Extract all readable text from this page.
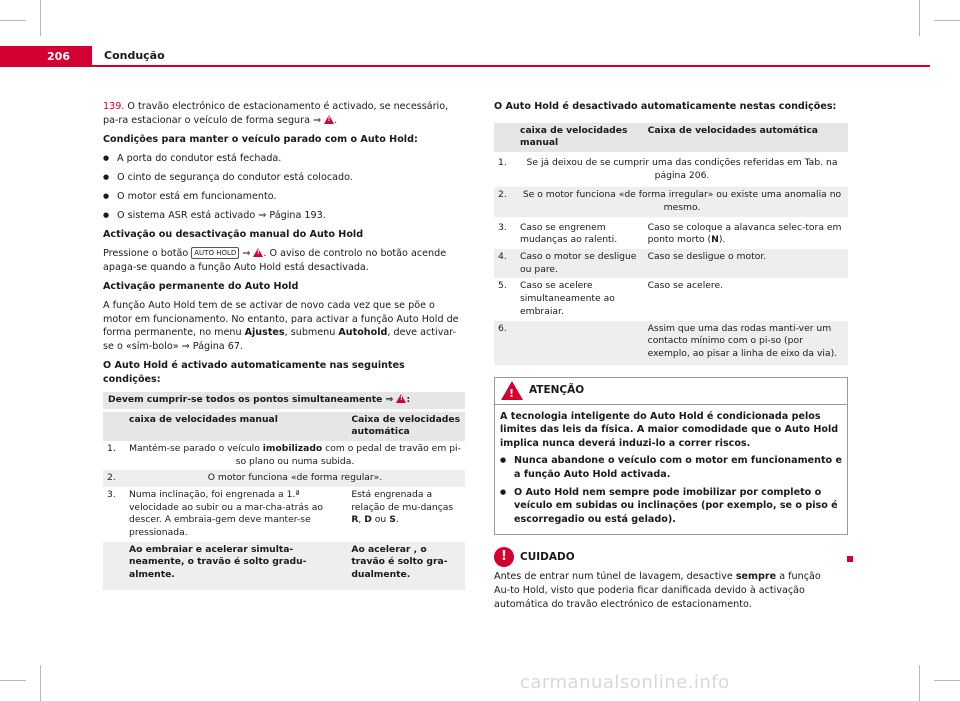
206	Condução

139. O travão electrónico de estacionamento é activado, se necessário, pa-ra estacionar o veículo de forma segura ⇒ !.

Condições para manter o veículo parado com o Auto Hold:

● A porta do condutor está fechada.
● O cinto de segurança do condutor está colocado.
● O motor está em funcionamento.
● O sistema ASR está activado ⇒ Página 193.

Activação ou desactivação manual do Auto Hold

Pressione o botão AUTO HOLD ⇒ !. O aviso de controlo no botão acende apaga-se quando a função Auto Hold está desactivada.

Activação permanente do Auto Hold

A função Auto Hold tem de se activar de novo cada vez que se põe o motor em funcionamento. No entanto, para activar a função Auto Hold de forma permanente, no menu Ajustes, submenu Autohold, deve activar-se o «sím-bolo» ⇒ Página 67.

O Auto Hold é activado automaticamente nas seguintes condições:

Devem cumprir-se todos os pontos simultaneamente ⇒ !:

	caixa de velocidades manual	Caixa de velocidades automática
1.	Mantém-se parado o veículo imobilizado com o pedal de travão em pi-so plano ou numa subida.	
2.	O motor funciona «de forma regular».	
3.	Numa inclinação, foi engrenada a 1.ª velocidade ao subir ou a mar-cha-atrás ao descer. A embraia-gem deve manter-se pressionada.	Está engrenada a relação de mu-danças R, D ou S.
	Ao embraiar e acelerar simulta-neamente, o travão é solto gradu-almente.	Ao acelerar , o travão é solto gra-dualmente.

O Auto Hold é desactivado automaticamente nestas condições:

	caixa de velocidades manual	Caixa de velocidades automática

1.	Se já deixou de se cumprir uma das condições referidas em Tab. na página 206.	

2.	Se o motor funciona «de forma irregular» ou existe uma anomalia no mesmo.	

3.	Caso se engrenem mudanças ao ralenti.	Caso se coloque a alavanca selec-tora em ponto morto (N).
4.	Caso o motor se desligue ou pare.	Caso se desligue o motor.
5.	Caso se acelere simultaneamente ao embraiar.	Caso se acelere.
6.		Assim que uma das rodas manti-ver um contacto mínimo com o pi-so (por exemplo, ao pisar a linha de eixo da via).
!
ATENÇÃO

A tecnologia inteligente do Auto Hold é condicionada pelos limites das leis da física. A maior comodidade que o Auto Hold implica nunca deverá induzi-lo a correr riscos.

● Nunca abandone o veículo com o motor em funcionamento e a função Auto Hold activada.
● O Auto Hold nem sempre pode imobilizar por completo o veículo em subidas ou inclinações (por exemplo, se o piso é escorregadio ou está gelado).
!	CUIDADO

Antes de entrar num túnel de lavagem, desactive sempre a função Au-to Hold, visto que poderia ficar danificada devido à activação automática do travão electrónico de estacionamento.

carmanualsonline.info
